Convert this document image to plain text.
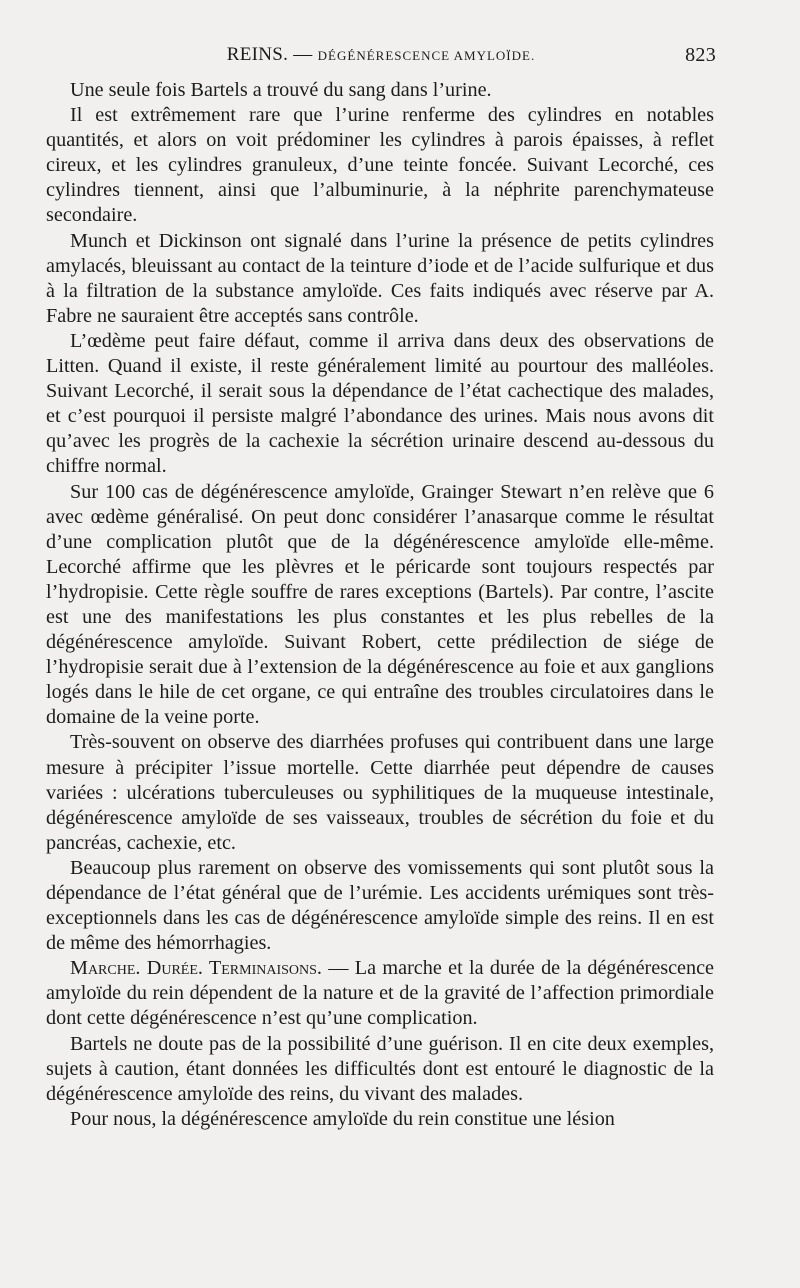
REINS. — DÉGÉNÉRESCENCE AMYLOÏDE.	823

Une seule fois Bartels a trouvé du sang dans l’urine.

Il est extrêmement rare que l’urine renferme des cylindres en notables quantités, et alors on voit prédominer les cylindres à parois épaisses, à reflet cireux, et les cylindres granuleux, d’une teinte foncée. Suivant Lecorché, ces cylindres tiennent, ainsi que l’albuminurie, à la néphrite parenchymateuse secondaire.

Munch et Dickinson ont signalé dans l’urine la présence de petits cylindres amylacés, bleuissant au contact de la teinture d’iode et de l’acide sulfurique et dus à la filtration de la substance amyloïde. Ces faits indiqués avec réserve par A. Fabre ne sauraient être acceptés sans contrôle.

L’œdème peut faire défaut, comme il arriva dans deux des observations de Litten. Quand il existe, il reste généralement limité au pourtour des malléoles. Suivant Lecorché, il serait sous la dépendance de l’état cachectique des malades, et c’est pourquoi il persiste malgré l’abondance des urines. Mais nous avons dit qu’avec les progrès de la cachexie la sécrétion urinaire descend au-dessous du chiffre normal.

Sur 100 cas de dégénérescence amyloïde, Grainger Stewart n’en relève que 6 avec œdème généralisé. On peut donc considérer l’anasarque comme le résultat d’une complication plutôt que de la dégénérescence amyloïde elle-même. Lecorché affirme que les plèvres et le péricarde sont toujours respectés par l’hydropisie. Cette règle souffre de rares exceptions (Bartels). Par contre, l’ascite est une des manifestations les plus constantes et les plus rebelles de la dégénérescence amyloïde. Suivant Robert, cette prédilection de siége de l’hydropisie serait due à l’extension de la dégénérescence au foie et aux ganglions logés dans le hile de cet organe, ce qui entraîne des troubles circulatoires dans le domaine de la veine porte.

Très-souvent on observe des diarrhées profuses qui contribuent dans une large mesure à précipiter l’issue mortelle. Cette diarrhée peut dépendre de causes variées : ulcérations tuberculeuses ou syphilitiques de la muqueuse intestinale, dégénérescence amyloïde de ses vaisseaux, troubles de sécrétion du foie et du pancréas, cachexie, etc.

Beaucoup plus rarement on observe des vomissements qui sont plutôt sous la dépendance de l’état général que de l’urémie. Les accidents urémiques sont très-exceptionnels dans les cas de dégénérescence amyloïde simple des reins. Il en est de même des hémorrhagies.

Marche. Durée. Terminaisons. — La marche et la durée de la dégénérescence amyloïde du rein dépendent de la nature et de la gravité de l’affection primordiale dont cette dégénérescence n’est qu’une complication.

Bartels ne doute pas de la possibilité d’une guérison. Il en cite deux exemples, sujets à caution, étant données les difficultés dont est entouré le diagnostic de la dégénérescence amyloïde des reins, du vivant des malades.

Pour nous, la dégénérescence amyloïde du rein constitue une lésion
